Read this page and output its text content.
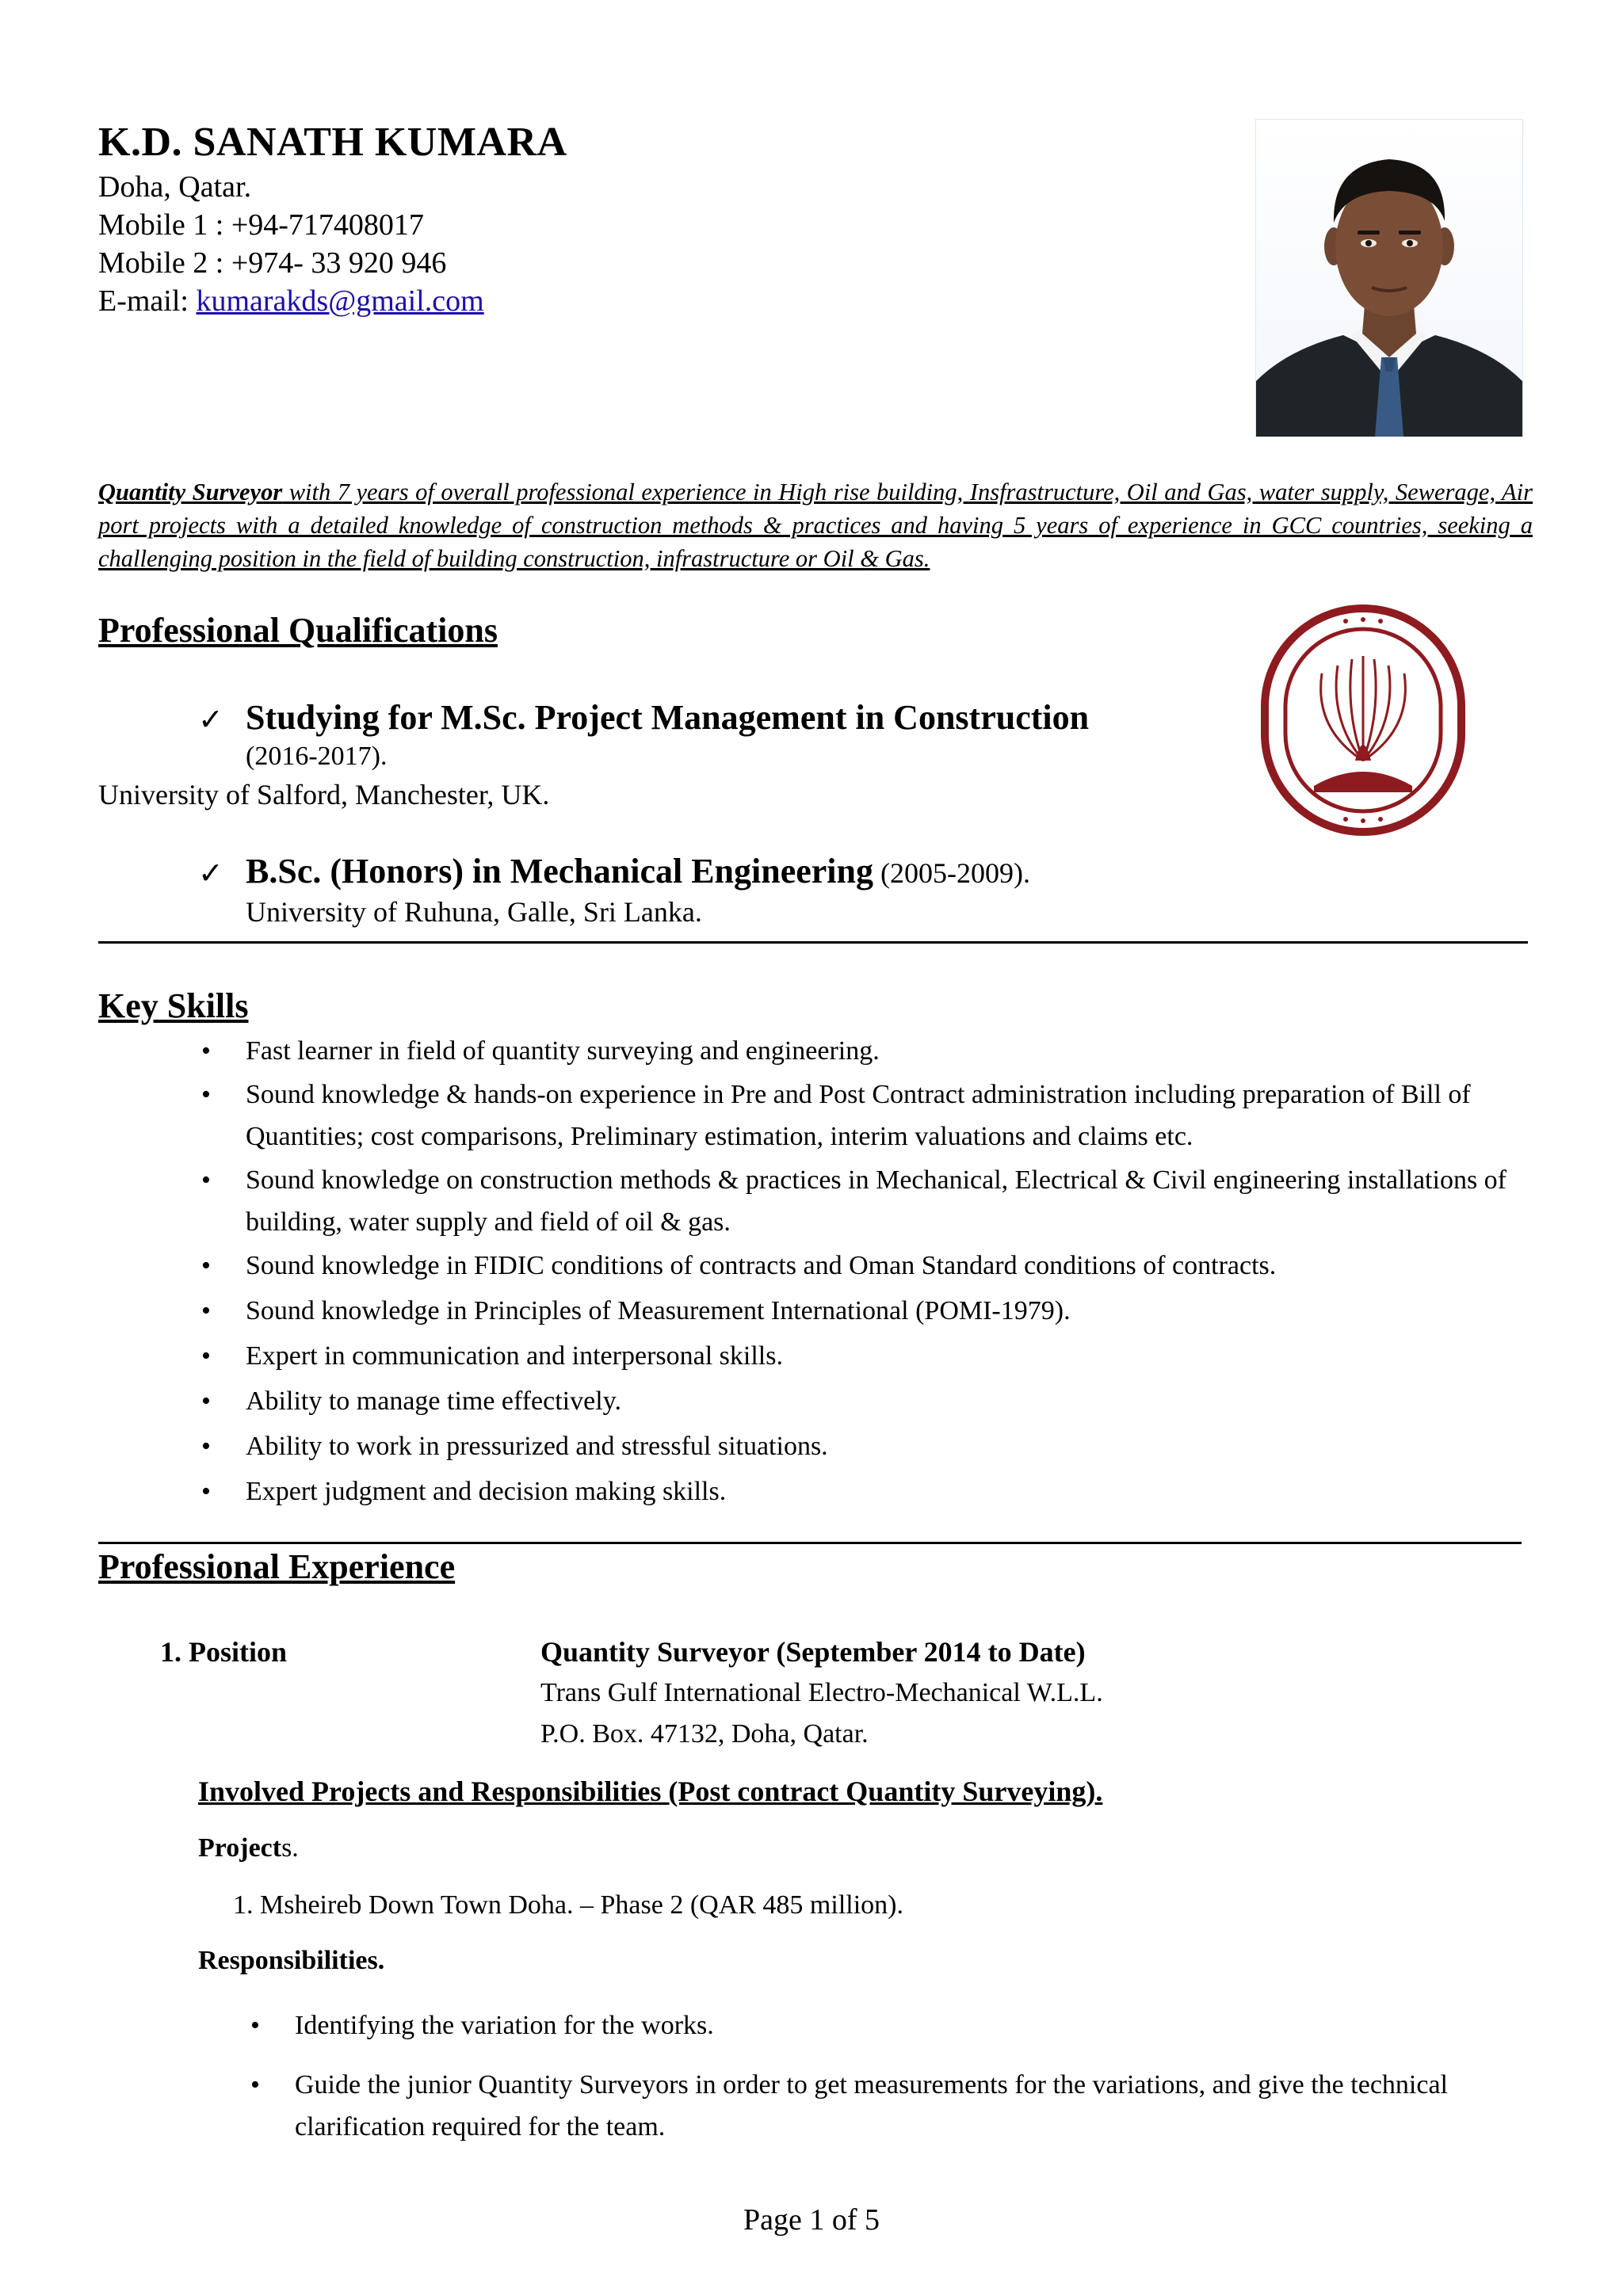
K.D. SANATH KUMARA
Doha, Qatar.
Mobile 1 : +94-717408017
Mobile 2 : +974- 33 920 946
E-mail: kumarakds@gmail.com
Quantity Surveyor with 7 years of overall professional experience in High rise building, Insfrastructure, Oil and Gas, water supply, Sewerage, Air port projects with a detailed knowledge of construction methods & practices and having 5 years of experience in GCC countries, seeking a challenging position in the field of building construction, infrastructure or Oil & Gas.
Professional Qualifications
✓ Studying for M.Sc. Project Management in Construction
(2016-2017).
University of Salford, Manchester, UK.
✓ B.Sc. (Honors) in Mechanical Engineering (2005-2009).
University of Ruhuna, Galle, Sri Lanka.
Key Skills
• Fast learner in field of quantity surveying and engineering.
• Sound knowledge & hands-on experience in Pre and Post Contract administration including preparation of Bill of Quantities; cost comparisons, Preliminary estimation, interim valuations and claims etc.
• Sound knowledge on construction methods & practices in Mechanical, Electrical & Civil engineering installations of building, water supply and field of oil & gas.
• Sound knowledge in FIDIC conditions of contracts and Oman Standard conditions of contracts.
• Sound knowledge in Principles of Measurement International (POMI-1979).
• Expert in communication and interpersonal skills.
• Ability to manage time effectively.
• Ability to work in pressurized and stressful situations.
• Expert judgment and decision making skills.
Professional Experience
1. Position	Quantity Surveyor (September 2014 to Date)
Trans Gulf International Electro-Mechanical W.L.L.
P.O. Box. 47132, Doha, Qatar.
Involved Projects and Responsibilities (Post contract Quantity Surveying).
Projects.
1. Msheireb Down Town Doha. – Phase 2 (QAR 485 million).
Responsibilities.
• Identifying the variation for the works.
• Guide the junior Quantity Surveyors in order to get measurements for the variations, and give the technical clarification required for the team.
Page 1 of 5
